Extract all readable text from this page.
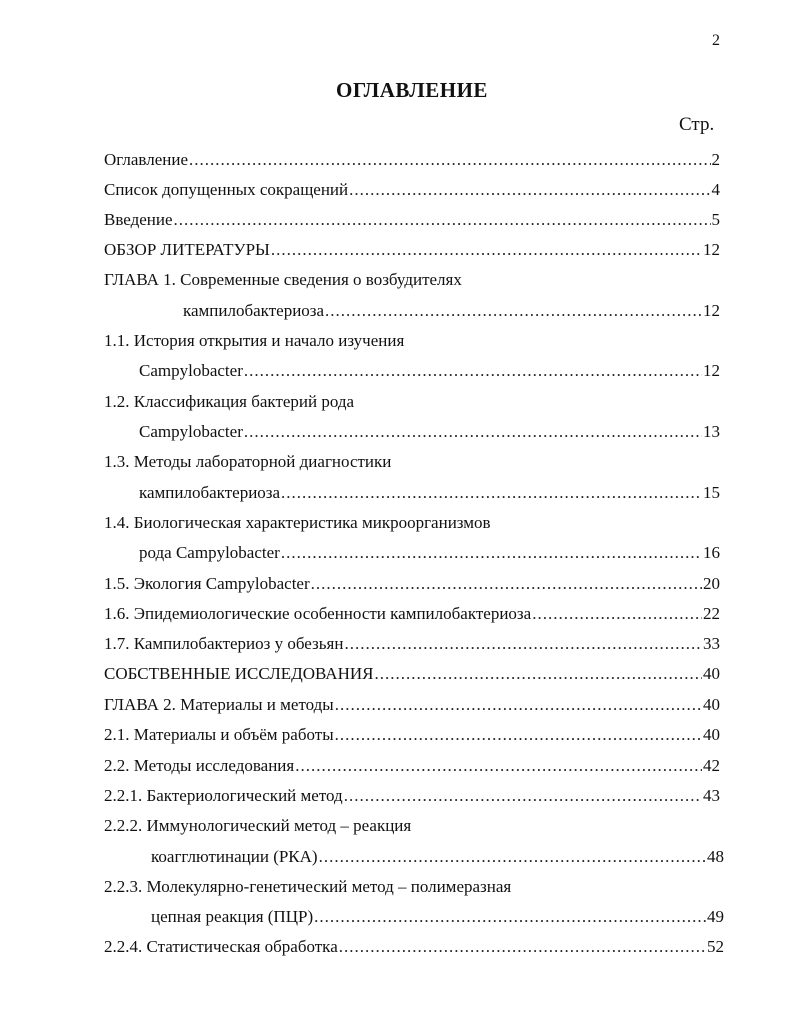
2
ОГЛАВЛЕНИЕ
Стр.
Оглавление .....	2
Список допущенных сокращений .....	4
Введение .....	5
ОБЗОР ЛИТЕРАТУРЫ .....	12
ГЛАВА 1. Современные сведения о возбудителях
кампилобактериоза .....	12
1.1. История открытия и начало изучения
Campylobacter .....	12
1.2. Классификация бактерий рода
Campylobacter .....	13
1.3. Методы лабораторной диагностики
кампилобактериоза .....	15
1.4. Биологическая характеристика микроорганизмов
рода Campylobacter .....	16
1.5. Экология Campylobacter .....	20
1.6. Эпидемиологические особенности кампилобактериоза .....	22
1.7. Кампилобактериоз у обезьян .....	33
СОБСТВЕННЫЕ ИССЛЕДОВАНИЯ .....	40
ГЛАВА 2. Материалы и методы .....	40
2.1. Материалы и объём работы .....	40
2.2. Методы исследования .....	42
2.2.1. Бактериологический метод .....	43
2.2.2. Иммунологический метод – реакция
коагглютинации (РКА) .....	48
2.2.3. Молекулярно-генетический метод – полимеразная
цепная реакция (ПЦР) .....	49
2.2.4. Статистическая обработка .....	52
